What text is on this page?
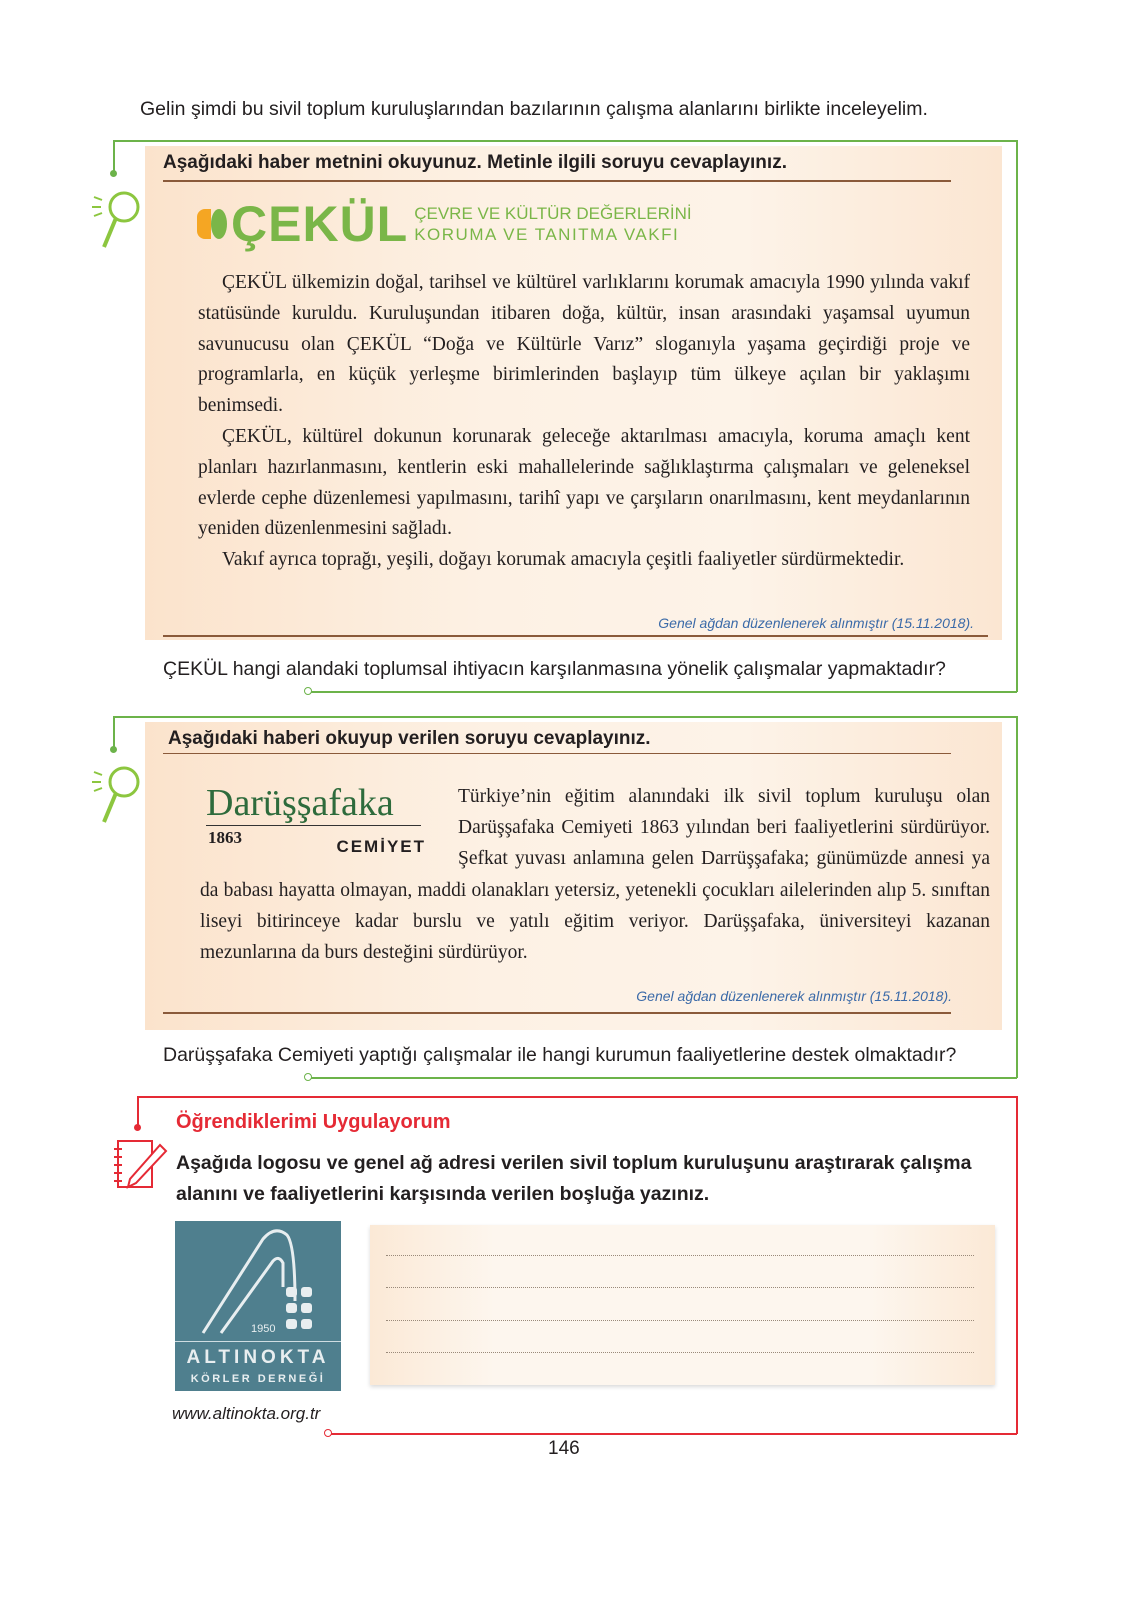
Gelin şimdi bu sivil toplum kuruluşlarından bazılarının çalışma alanlarını birlikte inceleyelim.
Aşağıdaki haber metnini okuyunuz. Metinle ilgili soruyu cevaplayınız.
ÇEKÜL ÇEVRE VE KÜLTÜR DEĞERLERİNİ
KORUMA VE TANITMA VAKFI

ÇEKÜL ülkemizin doğal, tarihsel ve kültürel varlıklarını korumak amacıyla 1990 yılında vakıf statüsünde kuruldu. Kuruluşundan itibaren doğa, kültür, insan arasındaki yaşamsal uyumun savunucusu olan ÇEKÜL “Doğa ve Kültürle Varız” sloganıyla yaşama geçirdiği proje ve programlarla, en küçük yerleşme birimlerinden başlayıp tüm ülkeye açılan bir yaklaşımı benimsedi.

ÇEKÜL, kültürel dokunun korunarak geleceğe aktarılması amacıyla, koruma amaçlı kent planları hazırlanmasını, kentlerin eski mahallelerinde sağlıklaştırma çalışmaları ve geleneksel evlerde cephe düzenlemesi yapılmasını, tarihî yapı ve çarşıların onarılmasını, kent meydanlarının yeniden düzenlenmesini sağladı.

Vakıf ayrıca toprağı, yeşili, doğayı korumak amacıyla çeşitli faaliyetler sürdürmektedir.

Genel ağdan düzenlenerek alınmıştır (15.11.2018).
ÇEKÜL hangi alandaki toplumsal ihtiyacın karşılanmasına yönelik çalışmalar yapmaktadır?
Aşağıdaki haberi okuyup verilen soruyu cevaplayınız.
Darüşşafaka
1863	CEMİYET
Türkiye’nin eğitim alanındaki ilk sivil toplum kuruluşu olan Darüşşafaka Cemiyeti 1863 yılından beri faaliyetlerini sürdürüyor. Şefkat yuvası anlamına gelen Darrüşşafaka; günümüzde annesi ya da babası hayatta olmayan, maddi olanakları yetersiz, yetenekli çocukları ailelerinden alıp 5. sınıftan liseyi bitirinceye kadar burslu ve yatılı eğitim veriyor. Darüşşafaka, üniversiteyi kazanan mezunlarına da burs desteğini sürdürüyor.
Genel ağdan düzenlenerek alınmıştır (15.11.2018).
Darüşşafaka Cemiyeti yaptığı çalışmalar ile hangi kurumun faaliyetlerine destek olmaktadır?
Öğrendiklerimi Uygulayorum
Aşağıda logosu ve genel ağ adresi verilen sivil toplum kuruluşunu araştırarak çalışma alanını ve faaliyetlerini karşısında verilen boşluğa yazınız.
1950
ALTINOKTA
KÖRLER DERNEĞİ
www.altinokta.org.tr
146
